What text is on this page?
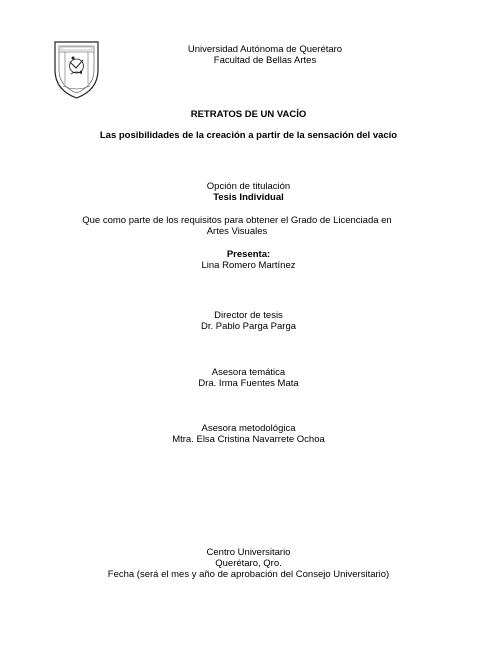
Universidad Autónoma de Querétaro
Facultad de Bellas Artes
RETRATOS DE UN VACÍO
Las posibilidades de la creación a partir de la sensación del vacío
Opción de titulación
Tesis Individual
Que como parte de los requisitos para obtener el Grado de Licenciada en Artes Visuales
Presenta:
Lina Romero Martínez
Director de tesis
Dr. Pablo Parga Parga
Asesora temática
Dra. Irma Fuentes Mata
Asesora metodológica
Mtra. Elsa Cristina Navarrete Ochoa
Centro Universitario
Querétaro, Qro.
Fecha (será el mes y año de aprobación del Consejo Universitario)
